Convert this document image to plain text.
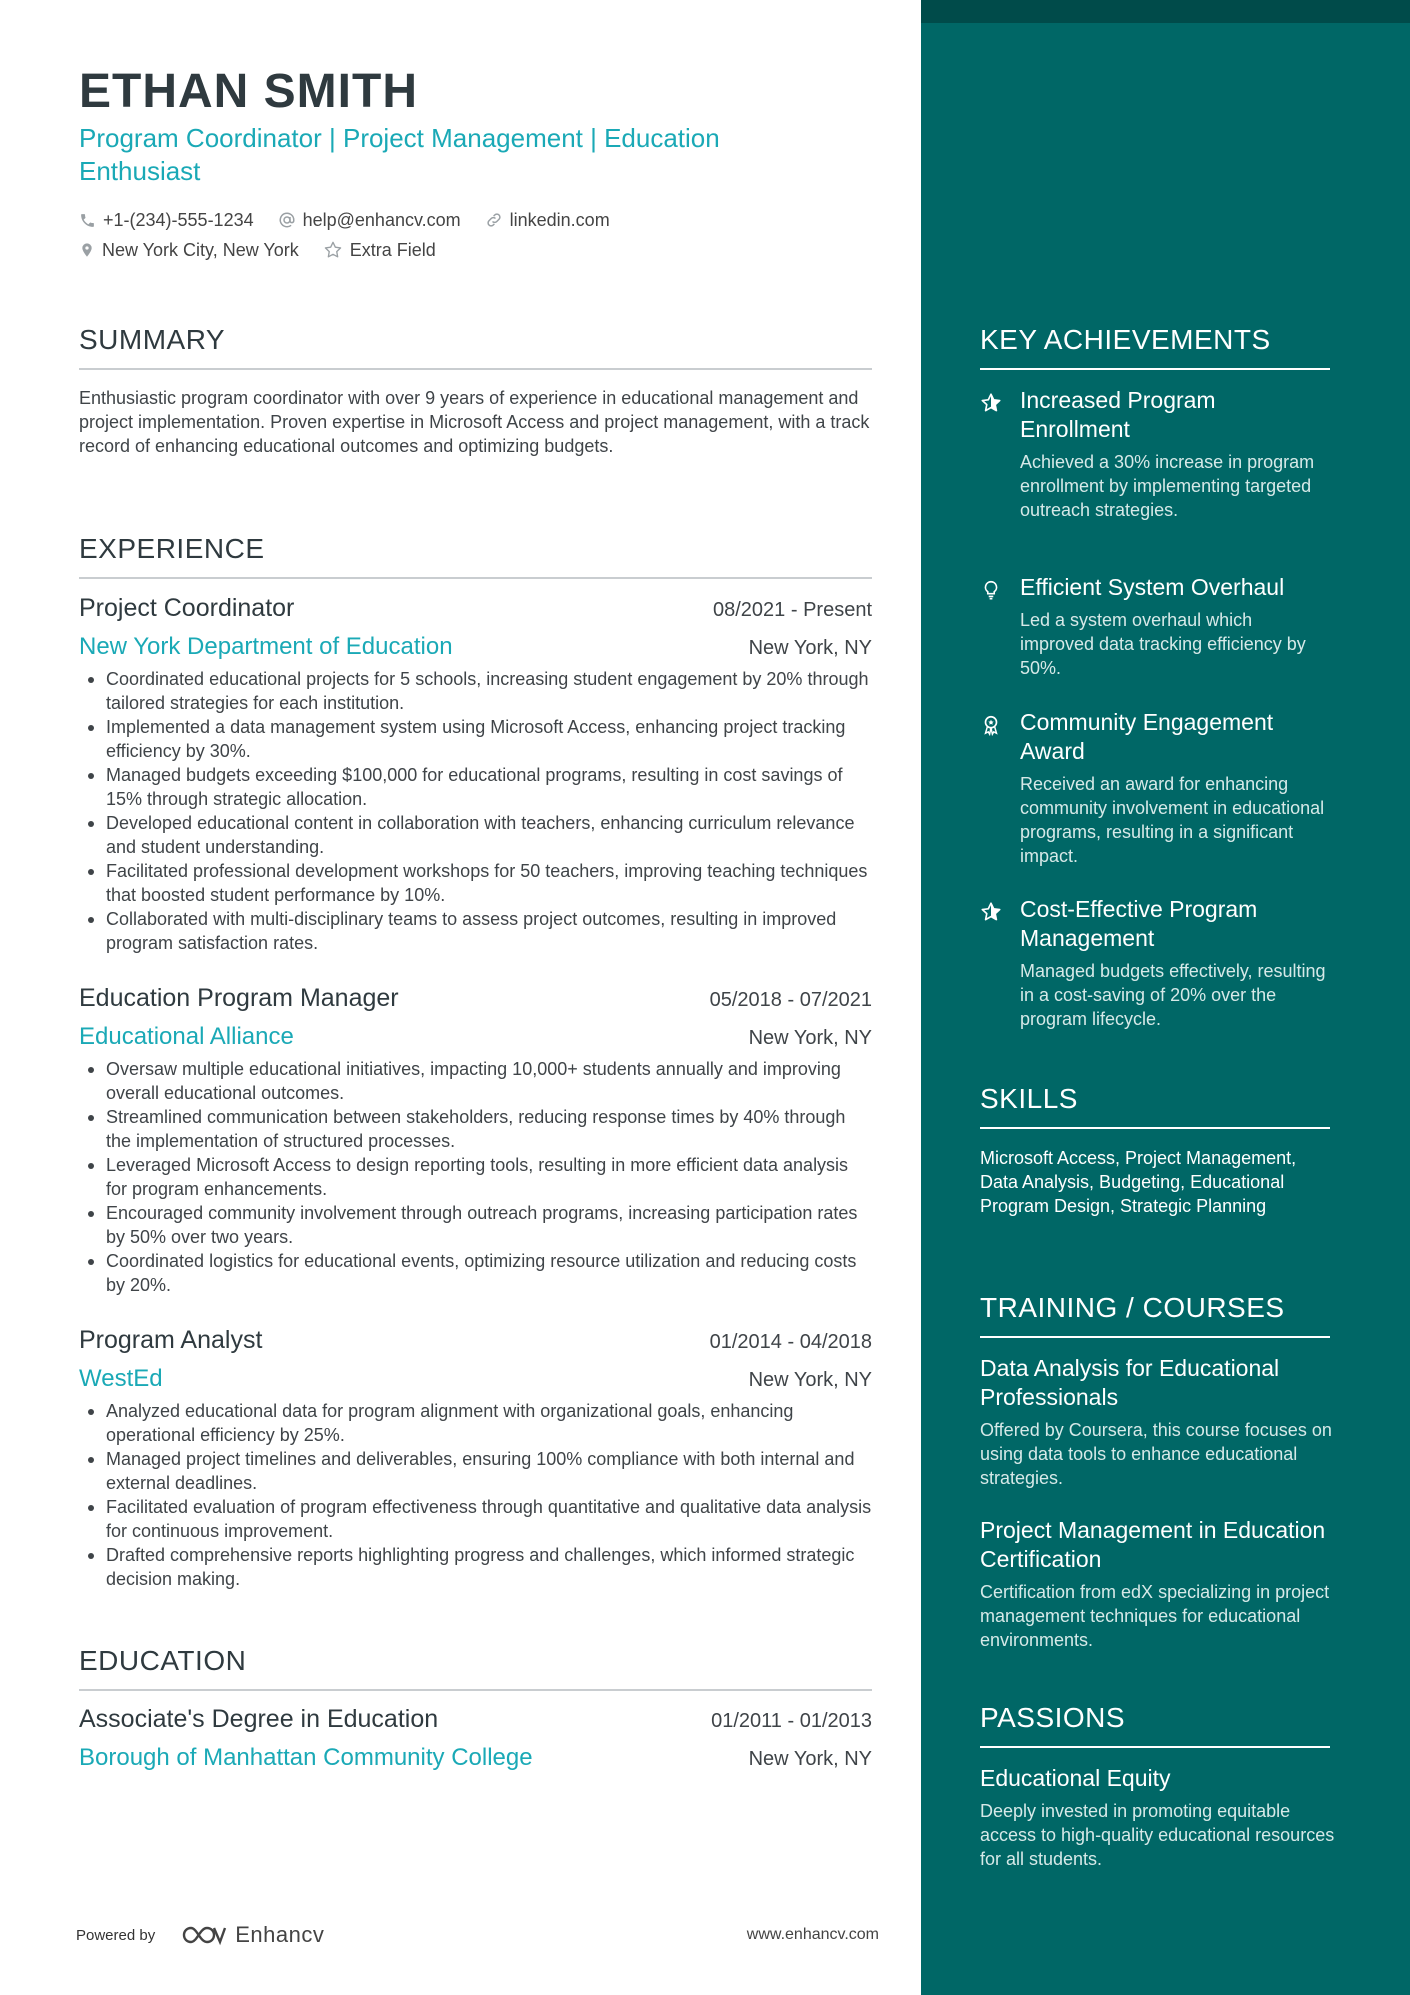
ETHAN SMITH
Program Coordinator | Project Management | Education Enthusiast
+1-(234)-555-1234	help@enhancv.com	linkedin.com
New York City, New York	Extra Field
SUMMARY
Enthusiastic program coordinator with over 9 years of experience in educational management and project implementation. Proven expertise in Microsoft Access and project management, with a track record of enhancing educational outcomes and optimizing budgets.
EXPERIENCE
Project Coordinator	08/2021 - Present
New York Department of Education	New York, NY
Coordinated educational projects for 5 schools, increasing student engagement by 20% through tailored strategies for each institution.
Implemented a data management system using Microsoft Access, enhancing project tracking efficiency by 30%.
Managed budgets exceeding $100,000 for educational programs, resulting in cost savings of 15% through strategic allocation.
Developed educational content in collaboration with teachers, enhancing curriculum relevance and student understanding.
Facilitated professional development workshops for 50 teachers, improving teaching techniques that boosted student performance by 10%.
Collaborated with multi-disciplinary teams to assess project outcomes, resulting in improved program satisfaction rates.
Education Program Manager	05/2018 - 07/2021
Educational Alliance	New York, NY
Oversaw multiple educational initiatives, impacting 10,000+ students annually and improving overall educational outcomes.
Streamlined communication between stakeholders, reducing response times by 40% through the implementation of structured processes.
Leveraged Microsoft Access to design reporting tools, resulting in more efficient data analysis for program enhancements.
Encouraged community involvement through outreach programs, increasing participation rates by 50% over two years.
Coordinated logistics for educational events, optimizing resource utilization and reducing costs by 20%.
Program Analyst	01/2014 - 04/2018
WestEd	New York, NY
Analyzed educational data for program alignment with organizational goals, enhancing operational efficiency by 25%.
Managed project timelines and deliverables, ensuring 100% compliance with both internal and external deadlines.
Facilitated evaluation of program effectiveness through quantitative and qualitative data analysis for continuous improvement.
Drafted comprehensive reports highlighting progress and challenges, which informed strategic decision making.
EDUCATION
Associate's Degree in Education	01/2011 - 01/2013
Borough of Manhattan Community College	New York, NY
Powered by	Enhancv	www.enhancv.com
KEY ACHIEVEMENTS
Increased Program Enrollment
Achieved a 30% increase in program enrollment by implementing targeted outreach strategies.
Efficient System Overhaul
Led a system overhaul which improved data tracking efficiency by 50%.
Community Engagement Award
Received an award for enhancing community involvement in educational programs, resulting in a significant impact.
Cost-Effective Program Management
Managed budgets effectively, resulting in a cost-saving of 20% over the program lifecycle.
SKILLS
Microsoft Access, Project Management, Data Analysis, Budgeting, Educational Program Design, Strategic Planning
TRAINING / COURSES
Data Analysis for Educational Professionals
Offered by Coursera, this course focuses on using data tools to enhance educational strategies.
Project Management in Education Certification
Certification from edX specializing in project management techniques for educational environments.
PASSIONS
Educational Equity
Deeply invested in promoting equitable access to high-quality educational resources for all students.
